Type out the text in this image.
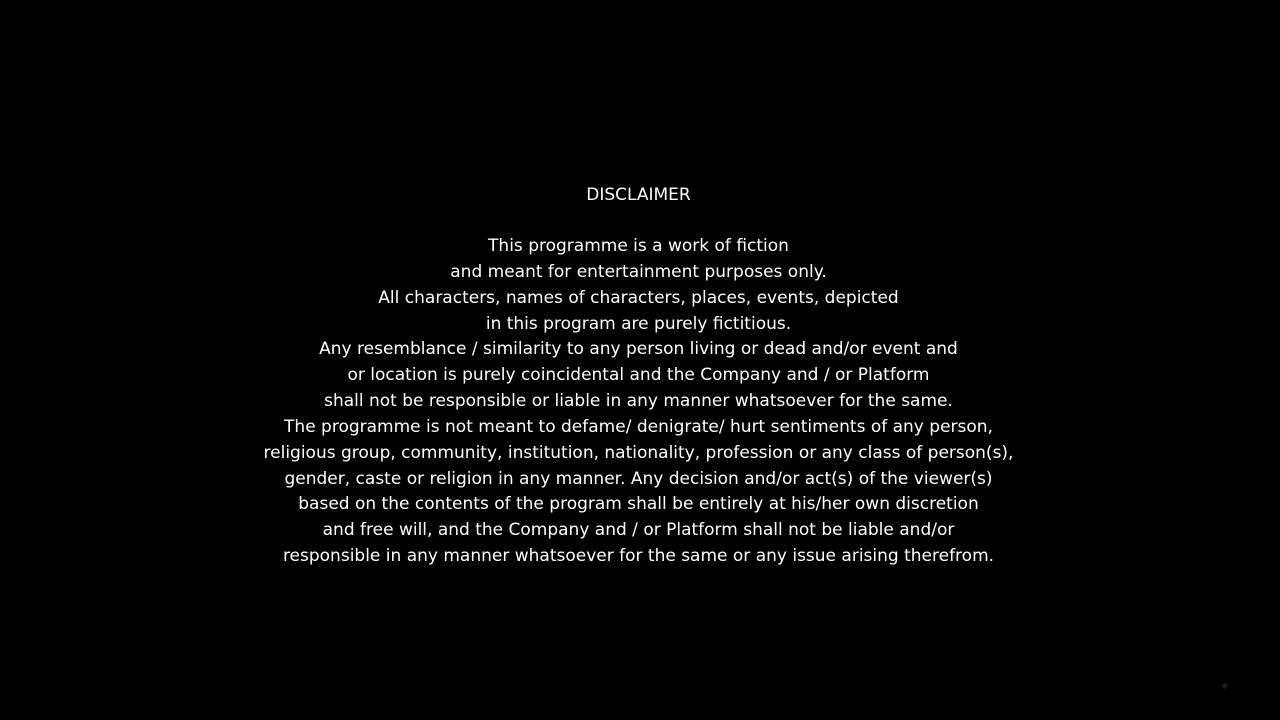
DISCLAIMER
This programme is a work of fiction
and meant for entertainment purposes only.
All characters, names of characters, places, events, depicted
in this program are purely fictitious.
Any resemblance / similarity to any person living or dead and/or event and
or location is purely coincidental and the Company and / or Platform
shall not be responsible or liable in any manner whatsoever for the same.
The programme is not meant to defame/ denigrate/ hurt sentiments of any person,
religious group, community, institution, nationality, profession or any class of person(s),
gender, caste or religion in any manner. Any decision and/or act(s) of the viewer(s)
based on the contents of the program shall be entirely at his/her own discretion
and free will, and the Company and / or Platform shall not be liable and/or
responsible in any manner whatsoever for the same or any issue arising therefrom.
✱
